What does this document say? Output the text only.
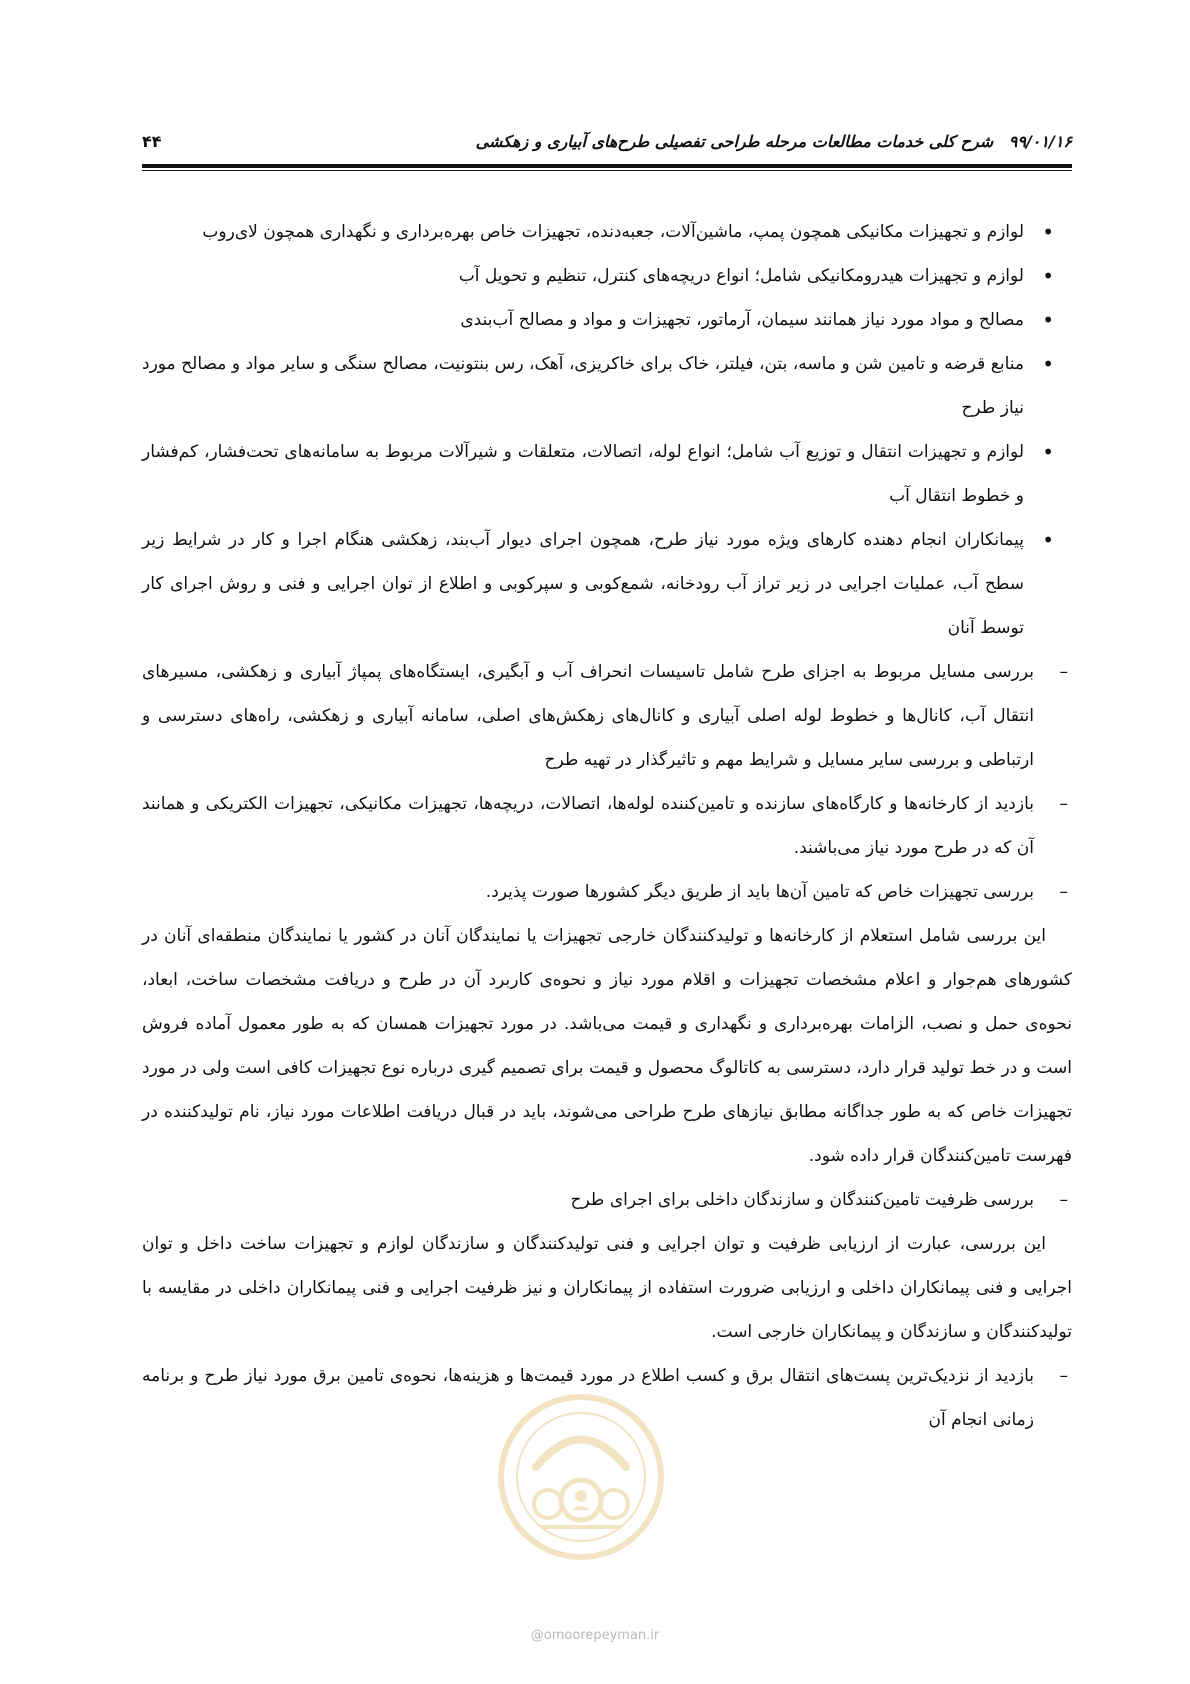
۹۹/۰۱/۱۶ شرح کلی خدمات مطالعات مرحله طراحی تفصیلی طرح‌های آبیاری و زهکشی
۴۴
• لوازم و تجهیزات مکانیکی همچون پمپ، ماشین‌آلات، جعبه‌دنده، تجهیزات خاص بهره‌برداری و نگهداری همچون لای‌روب
• لوازم و تجهیزات هیدرومکانیکی شامل؛ انواع دریچه‌های کنترل، تنظیم و تحویل آب
• مصالح و مواد مورد نیاز همانند سیمان، آرماتور، تجهیزات و مواد و مصالح آب‌بندی
• منابع قرضه و تامین شن و ماسه، بتن، فیلتر، خاک برای خاکریزی، آهک، رس بنتونیت، مصالح سنگی و سایر مواد و مصالح مورد نیاز طرح
• لوازم و تجهیزات انتقال و توزیع آب شامل؛ انواع لوله، اتصالات، متعلقات و شیرآلات مربوط به سامانه‌های تحت‌فشار، کم‌فشار و خطوط انتقال آب
• پیمانکاران انجام دهنده کارهای ویژه مورد نیاز طرح، همچون اجرای دیوار آب‌بند، زهکشی هنگام اجرا و کار در شرایط زیر سطح آب، عملیات اجرایی در زیر تراز آب رودخانه، شمع‌کوبی و سپرکوبی و اطلاع از توان اجرایی و فنی و روش اجرای کار توسط آنان
– بررسی مسایل مربوط به اجزای طرح شامل تاسیسات انحراف آب و آبگیری، ایستگاه‌های پمپاژ آبیاری و زهکشی، مسیرهای انتقال آب، کانال‌ها و خطوط لوله اصلی آبیاری و کانال‌های زهکش‌های اصلی، سامانه آبیاری و زهکشی، راه‌های دسترسی و ارتباطی و بررسی سایر مسایل و شرایط مهم و تاثیرگذار در تهیه طرح
– بازدید از کارخانه‌ها و کارگاه‌های سازنده و تامین‌کننده لوله‌ها، اتصالات، دریچه‌ها، تجهیزات مکانیکی، تجهیزات الکتریکی و همانند آن که در طرح مورد نیاز می‌باشند.
– بررسی تجهیزات خاص که تامین آن‌ها باید از طریق دیگر کشورها صورت پذیرد.

این بررسی شامل استعلام از کارخانه‌ها و تولیدکنندگان خارجی تجهیزات یا نمایندگان آنان در کشور یا نمایندگان منطقه‌ای آنان در کشورهای هم‌جوار و اعلام مشخصات تجهیزات و اقلام مورد نیاز و نحوه‌ی کاربرد آن در طرح و دریافت مشخصات ساخت، ابعاد، نحوه‌ی حمل و نصب، الزامات بهره‌برداری و نگهداری و قیمت می‌باشد. در مورد تجهیزات همسان که به طور معمول آماده فروش است و در خط تولید قرار دارد، دسترسی به کاتالوگ محصول و قیمت برای تصمیم گیری درباره نوع تجهیزات کافی است ولی در مورد تجهیزات خاص که به طور جداگانه مطابق نیازهای طرح طراحی می‌شوند، باید در قبال دریافت اطلاعات مورد نیاز، نام تولیدکننده در فهرست تامین‌کنندگان قرار داده شود.

– بررسی ظرفیت تامین‌کنندگان و سازندگان داخلی برای اجرای طرح

این بررسی، عبارت از ارزیابی ظرفیت و توان اجرایی و فنی تولیدکنندگان و سازندگان لوازم و تجهیزات ساخت داخل و توان اجرایی و فنی پیمانکاران داخلی و ارزیابی ضرورت استفاده از پیمانکاران و نیز ظرفیت اجرایی و فنی پیمانکاران داخلی در مقایسه با تولیدکنندگان و سازندگان و پیمانکاران خارجی است.

– بازدید از نزدیک‌ترین پست‌های انتقال برق و کسب اطلاع در مورد قیمت‌ها و هزینه‌ها، نحوه‌ی تامین برق مورد نیاز طرح و برنامه زمانی انجام آن
@omoorepeyman.ir
